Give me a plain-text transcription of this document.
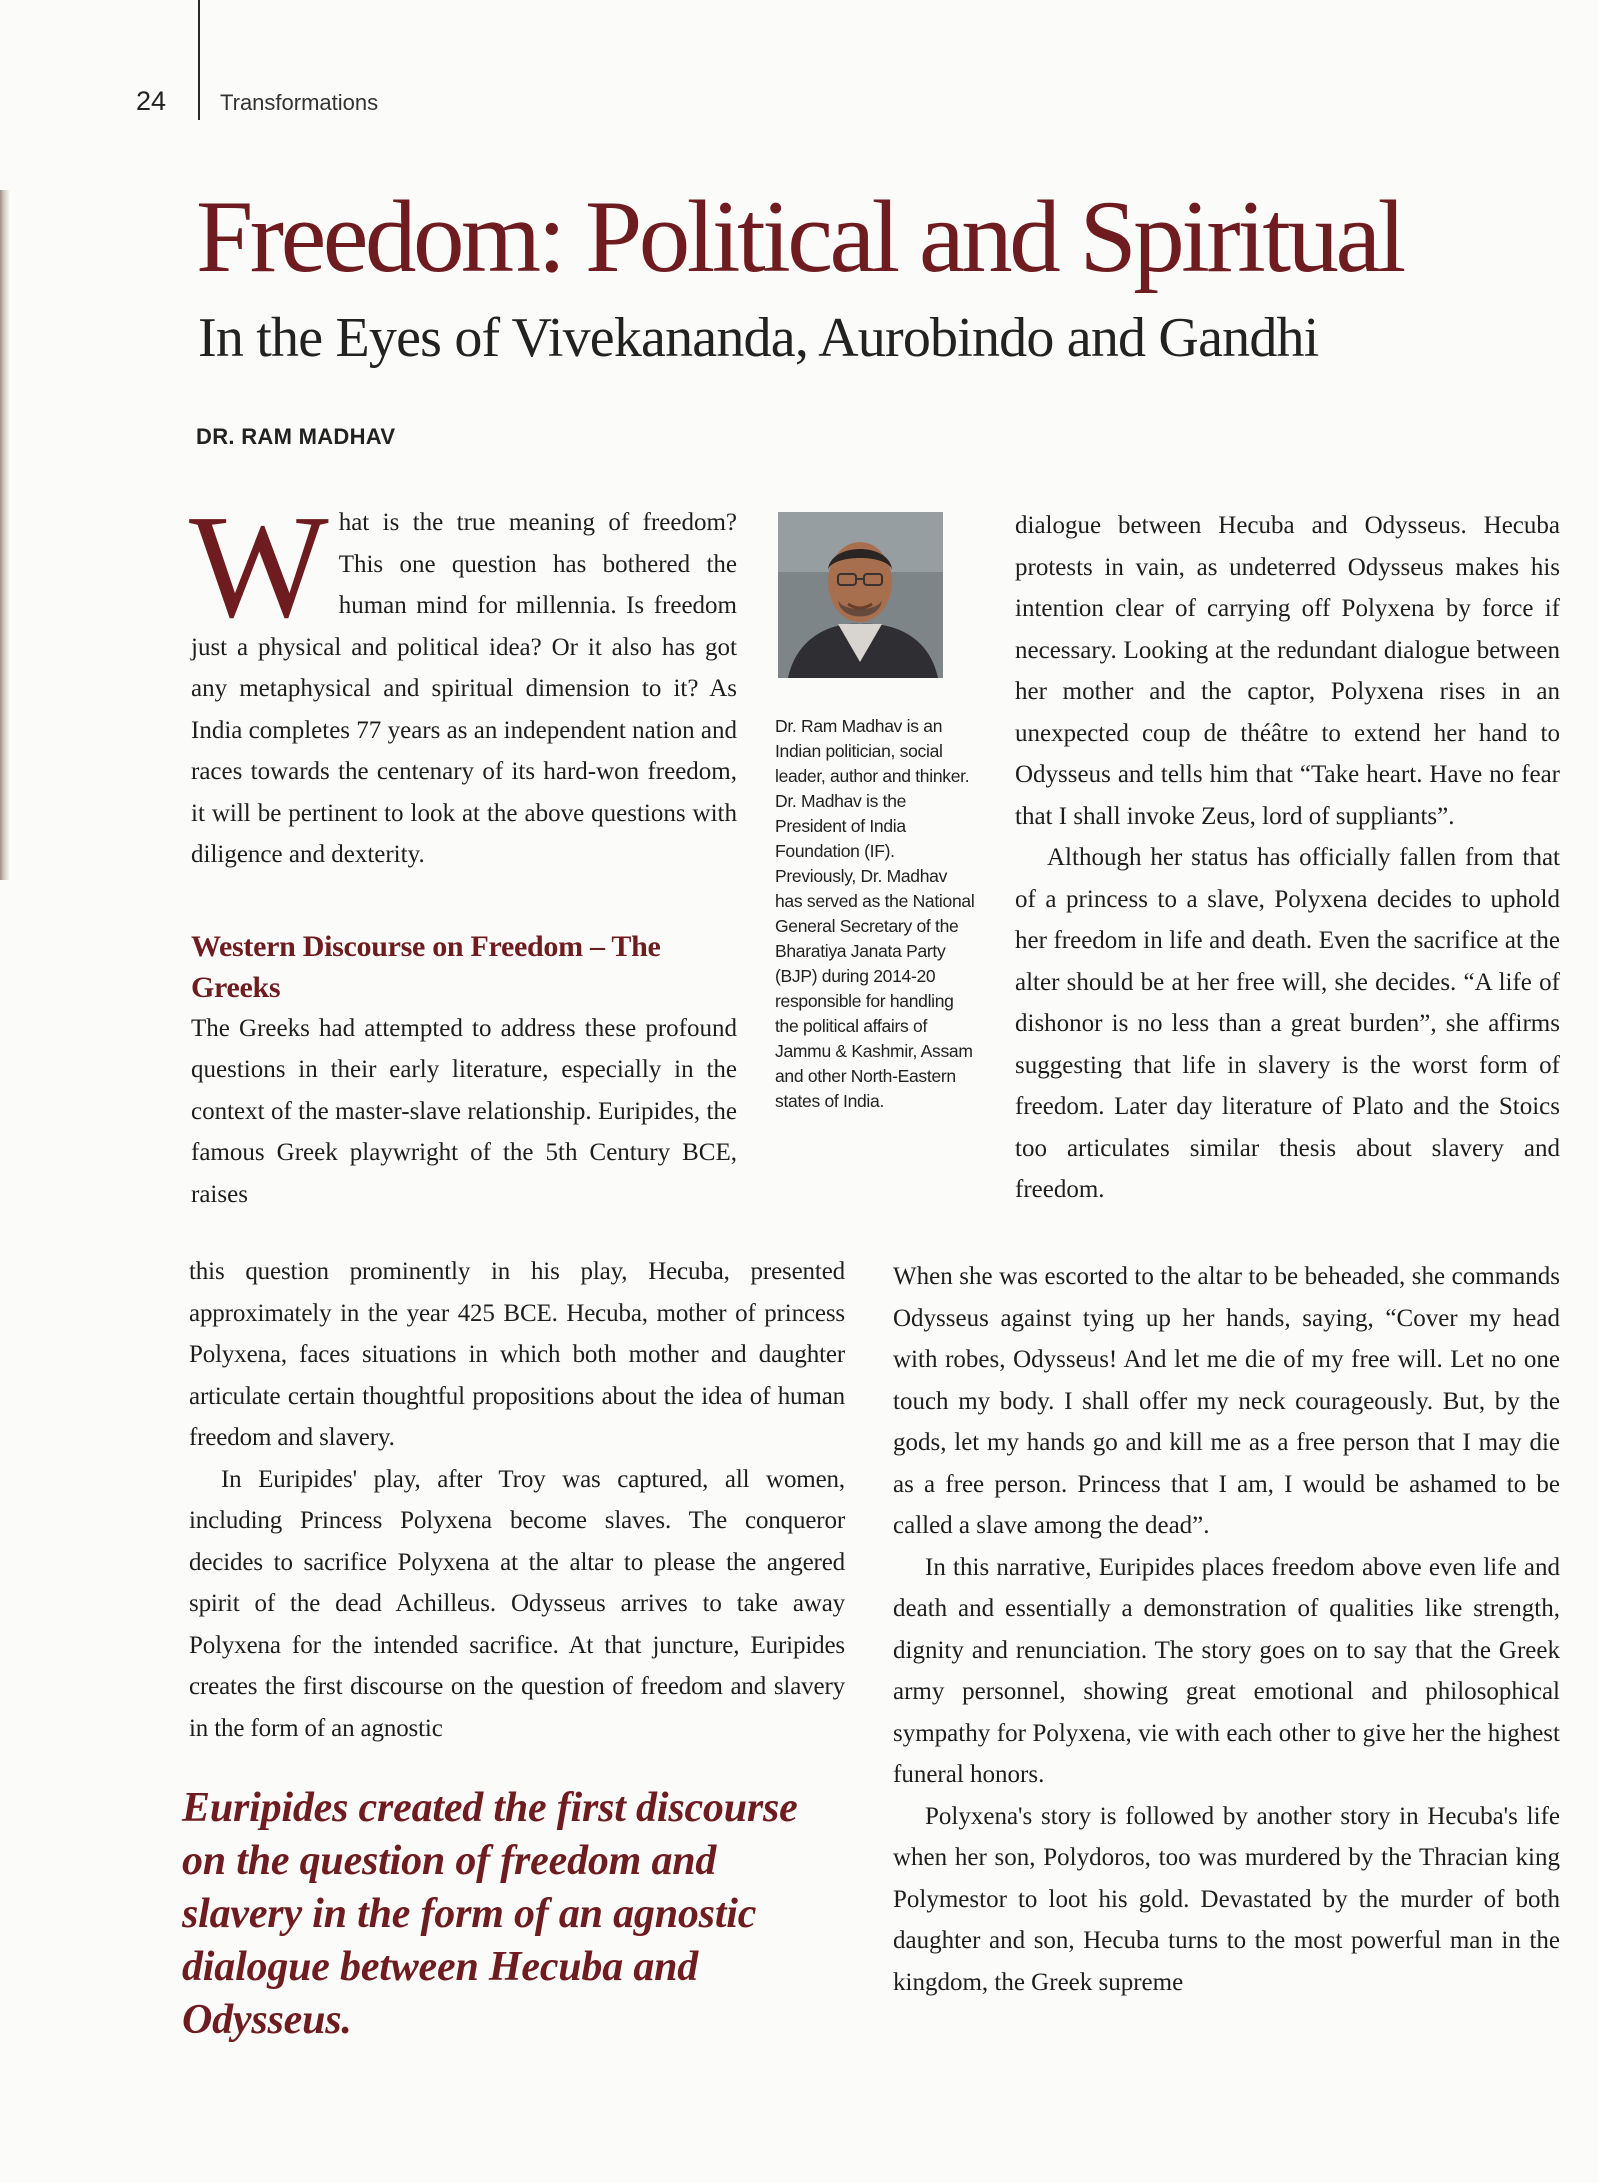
24 Transformations
Freedom: Political and Spiritual
In the Eyes of Vivekananda, Aurobindo and Gandhi
DR. RAM MADHAV

What is the true meaning of freedom? This one question has bothered the human mind for millennia. Is freedom just a physical and political idea? Or it also has got any metaphysical and spiritual dimension to it? As India completes 77 years as an independent nation and races towards the centenary of its hard-won freedom, it will be pertinent to look at the above questions with diligence and dexterity.

Western Discourse on Freedom – The Greeks

The Greeks had attempted to address these profound questions in their early literature, especially in the context of the master-slave relationship. Euripides, the famous Greek playwright of the 5th Century BCE, raises

this question prominently in his play, Hecuba, presented approximately in the year 425 BCE. Hecuba, mother of princess Polyxena, faces situations in which both mother and daughter articulate certain thoughtful propositions about the idea of human freedom and slavery.

In Euripides' play, after Troy was captured, all women, including Princess Polyxena become slaves. The conqueror decides to sacrifice Polyxena at the altar to please the angered spirit of the dead Achilleus. Odysseus arrives to take away Polyxena for the intended sacrifice. At that juncture, Euripides creates the first discourse on the question of freedom and slavery in the form of an agnostic

Dr. Ram Madhav is an Indian politician, social leader, author and thinker. Dr. Madhav is the President of India Foundation (IF). Previously, Dr. Madhav has served as the National General Secretary of the Bharatiya Janata Party (BJP) during 2014-20 responsible for handling the political affairs of Jammu & Kashmir, Assam and other North-Eastern states of India.

dialogue between Hecuba and Odysseus. Hecuba protests in vain, as undeterred Odysseus makes his intention clear of carrying off Polyxena by force if necessary. Looking at the redundant dialogue between her mother and the captor, Polyxena rises in an unexpected coup de théâtre to extend her hand to Odysseus and tells him that “Take heart. Have no fear that I shall invoke Zeus, lord of suppliants”.

Although her status has officially fallen from that of a princess to a slave, Polyxena decides to uphold her freedom in life and death. Even the sacrifice at the alter should be at her free will, she decides. “A life of dishonor is no less than a great burden”, she affirms suggesting that life in slavery is the worst form of freedom. Later day literature of Plato and the Stoics too articulates similar thesis about slavery and freedom.

When she was escorted to the altar to be beheaded, she commands Odysseus against tying up her hands, saying, “Cover my head with robes, Odysseus! And let me die of my free will. Let no one touch my body. I shall offer my neck courageously. But, by the gods, let my hands go and kill me as a free person that I may die as a free person. Princess that I am, I would be ashamed to be called a slave among the dead”.

In this narrative, Euripides places freedom above even life and death and essentially a demonstration of qualities like strength, dignity and renunciation. The story goes on to say that the Greek army personnel, showing great emotional and philosophical sympathy for Polyxena, vie with each other to give her the highest funeral honors.

Polyxena's story is followed by another story in Hecuba's life when her son, Polydoros, too was murdered by the Thracian king Polymestor to loot his gold. Devastated by the murder of both daughter and son, Hecuba turns to the most powerful man in the kingdom, the Greek supreme

Euripides created the first discourse on the question of freedom and slavery in the form of an agnostic dialogue between Hecuba and Odysseus.
